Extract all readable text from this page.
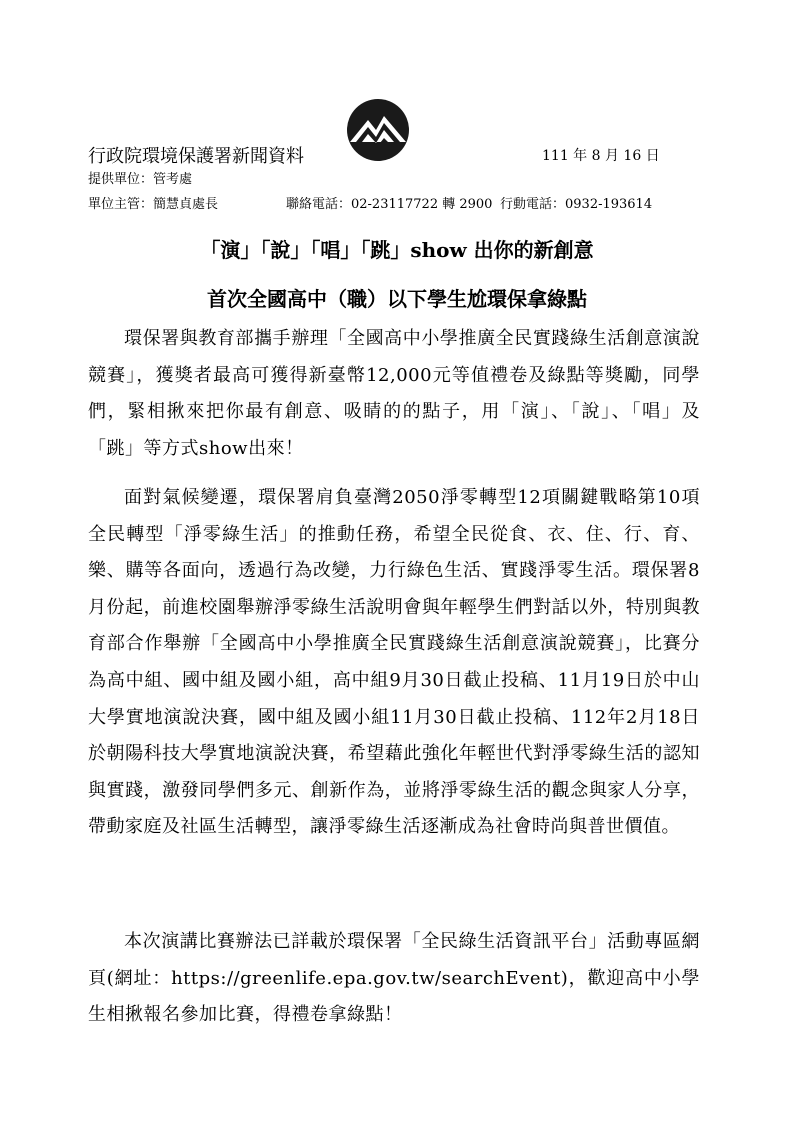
行政院環境保護署新聞資料	111 年 8 月 16 日
提供單位：管考處
單位主管：簡慧貞處長	聯絡電話：02-23117722 轉 2900 行動電話：0932-193614
「演」「說」「唱」「跳」show 出你的新創意
首次全國高中（職）以下學生尬環保拿綠點

環保署與教育部攜手辦理「全國高中小學推廣全民實踐綠生活創意演說競賽」，獲獎者最高可獲得新臺幣12,000元等值禮卷及綠點等獎勵，同學們，緊相揪來把你最有創意、吸睛的的點子，用「演」、「說」、「唱」及「跳」等方式show出來！

面對氣候變遷，環保署肩負臺灣2050淨零轉型12項關鍵戰略第10項全民轉型「淨零綠生活」的推動任務，希望全民從食、衣、住、行、育、樂、購等各面向，透過行為改變，力行綠色生活、實踐淨零生活。環保署8月份起，前進校園舉辦淨零綠生活說明會與年輕學生們對話以外，特別與教育部合作舉辦「全國高中小學推廣全民實踐綠生活創意演說競賽」，比賽分為高中組、國中組及國小組，高中組9月30日截止投稿、11月19日於中山大學實地演說決賽，國中組及國小組11月30日截止投稿、112年2月18日於朝陽科技大學實地演說決賽，希望藉此強化年輕世代對淨零綠生活的認知與實踐，激發同學們多元、創新作為，並將淨零綠生活的觀念與家人分享，帶動家庭及社區生活轉型，讓淨零綠生活逐漸成為社會時尚與普世價值。

本次演講比賽辦法已詳載於環保署「全民綠生活資訊平台」活動專區網頁(網址：https://greenlife.epa.gov.tw/searchEvent)，歡迎高中小學生相揪報名參加比賽，得禮卷拿綠點！
